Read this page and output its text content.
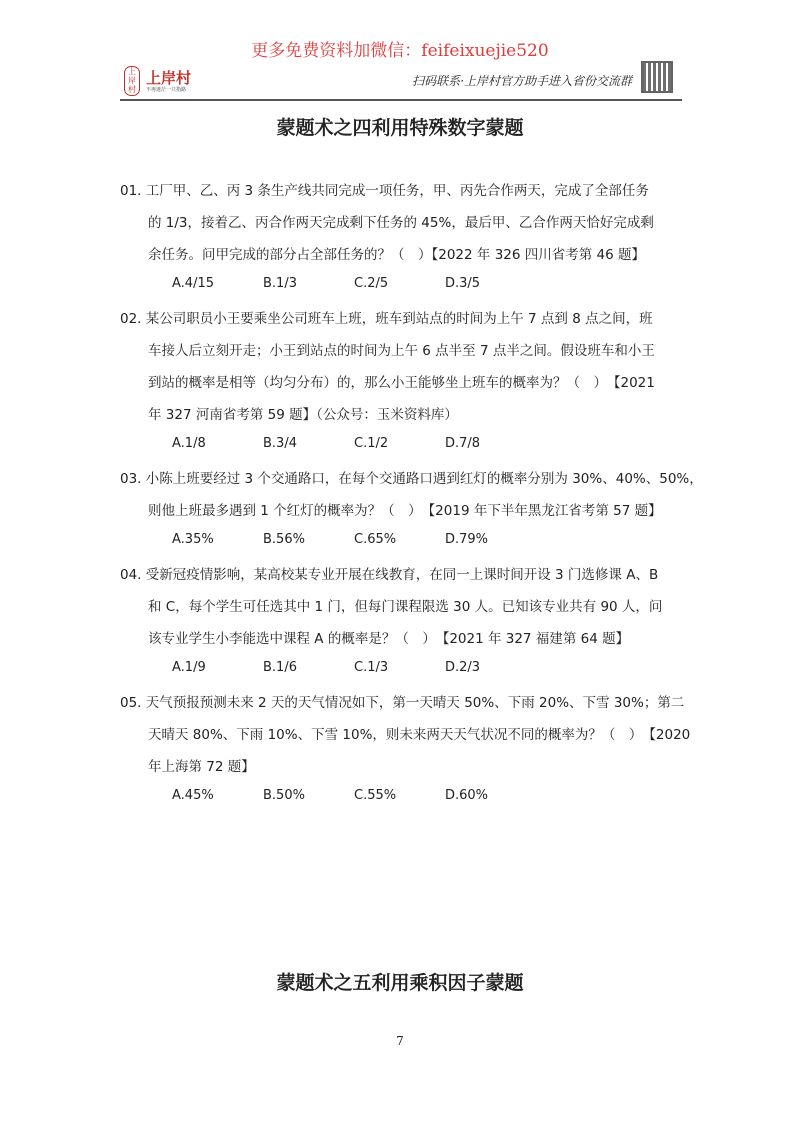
更多免费资料加微信：feifeixuejie520
上
岸
村
上岸村
不再迷茫一只指路
扫码联系·上岸村官方助手进入省份交流群
蒙题术之四利用特殊数字蒙题
01. 工厂甲、乙、丙 3 条生产线共同完成一项任务，甲、丙先合作两天，完成了全部任务
的 1/3，接着乙、丙合作两天完成剩下任务的 45%，最后甲、乙合作两天恰好完成剩
余任务。问甲完成的部分占全部任务的？（　）【2022 年 326 四川省考第 46 题】
A.4/15	B.1/3	C.2/5	D.3/5
02. 某公司职员小王要乘坐公司班车上班，班车到站点的时间为上午 7 点到 8 点之间，班
车接人后立刻开走；小王到站点的时间为上午 6 点半至 7 点半之间。假设班车和小王
到站的概率是相等（均匀分布）的，那么小王能够坐上班车的概率为？（　）　【2021
年 327 河南省考第 59 题】（公众号：玉米资料库）
A.1/8	B.3/4	C.1/2	D.7/8
03. 小陈上班要经过 3 个交通路口，在每个交通路口遇到红灯的概率分别为 30%、40%、50%，
则他上班最多遇到 1 个红灯的概率为？（　）　【2019 年下半年黑龙江省考第 57 题】
A.35%	B.56%	C.65%	D.79%
04. 受新冠疫情影响，某高校某专业开展在线教育，在同一上课时间开设 3 门选修课 A、B
和 C，每个学生可任选其中 1 门，但每门课程限选 30 人。已知该专业共有 90 人，问
该专业学生小李能选中课程 A 的概率是？（　）　【2021 年 327 福建第 64 题】
A.1/9	B.1/6	C.1/3	D.2/3
05. 天气预报预测未来 2 天的天气情况如下，第一天晴天 50%、下雨 20%、下雪 30%；第二
天晴天 80%、下雨 10%、下雪 10%，则未来两天天气状况不同的概率为？（　）　【2020
年上海第 72 题】
A.45%	B.50%	C.55%	D.60%
蒙题术之五利用乘积因子蒙题
7
